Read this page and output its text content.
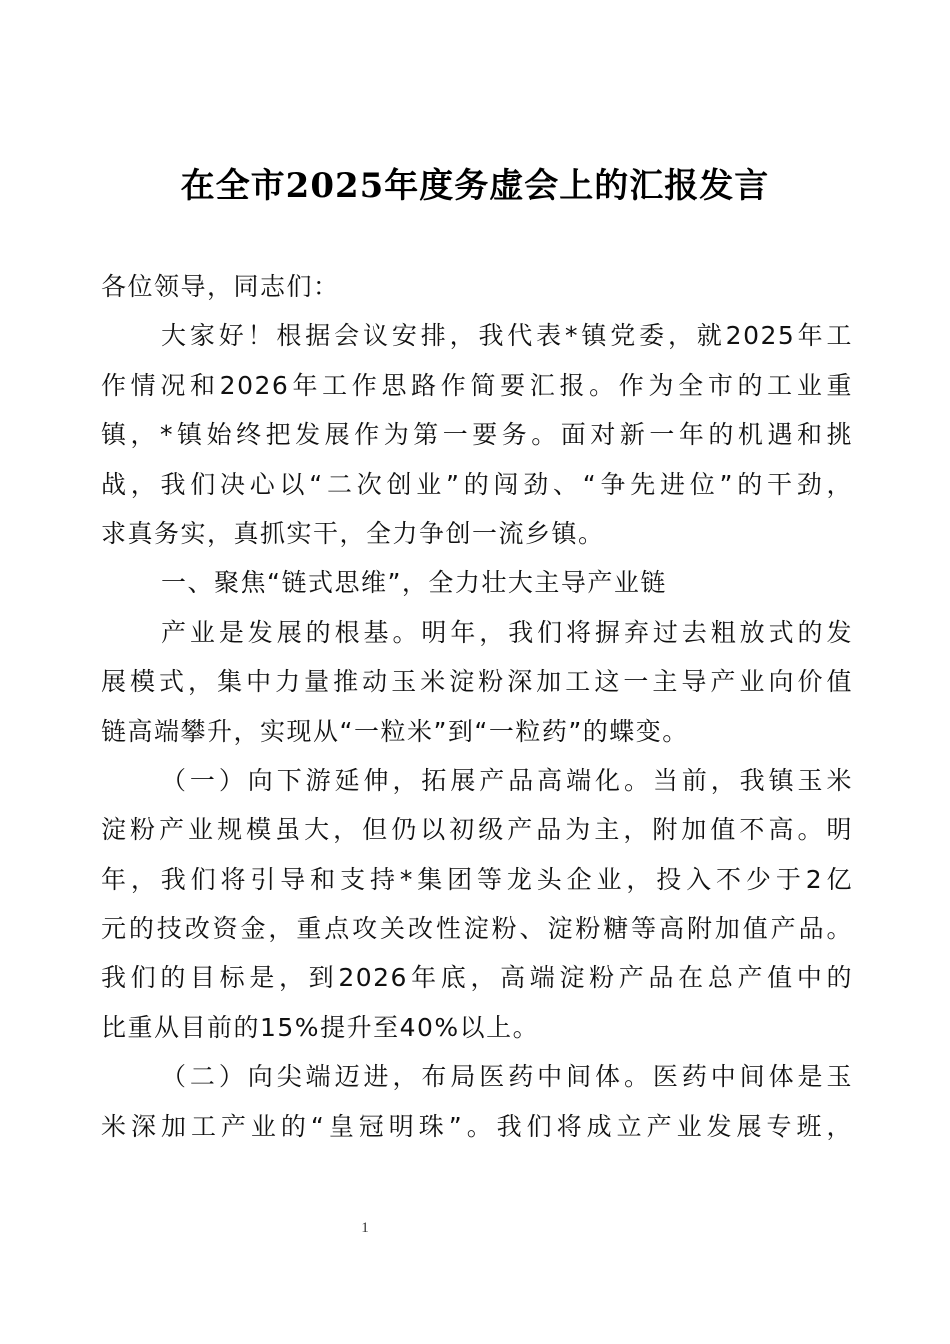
在全市2025年度务虚会上的汇报发言
各位领导，同志们：
大家好！根据会议安排，我代表*镇党委，就2025年工
作情况和2026年工作思路作简要汇报。作为全市的工业重
镇，*镇始终把发展作为第一要务。面对新一年的机遇和挑
战，我们决心以“二次创业”的闯劲、“争先进位”的干劲，
求真务实，真抓实干，全力争创一流乡镇。
一、聚焦“链式思维”，全力壮大主导产业链
产业是发展的根基。明年，我们将摒弃过去粗放式的发
展模式，集中力量推动玉米淀粉深加工这一主导产业向价值
链高端攀升，实现从“一粒米”到“一粒药”的蝶变。
（一）向下游延伸，拓展产品高端化。当前，我镇玉米
淀粉产业规模虽大，但仍以初级产品为主，附加值不高。明
年，我们将引导和支持*集团等龙头企业，投入不少于2亿
元的技改资金，重点攻关改性淀粉、淀粉糖等高附加值产品。
我们的目标是，到2026年底，高端淀粉产品在总产值中的
比重从目前的15%提升至40%以上。
（二）向尖端迈进，布局医药中间体。医药中间体是玉
米深加工产业的“皇冠明珠”。我们将成立产业发展专班，
1
